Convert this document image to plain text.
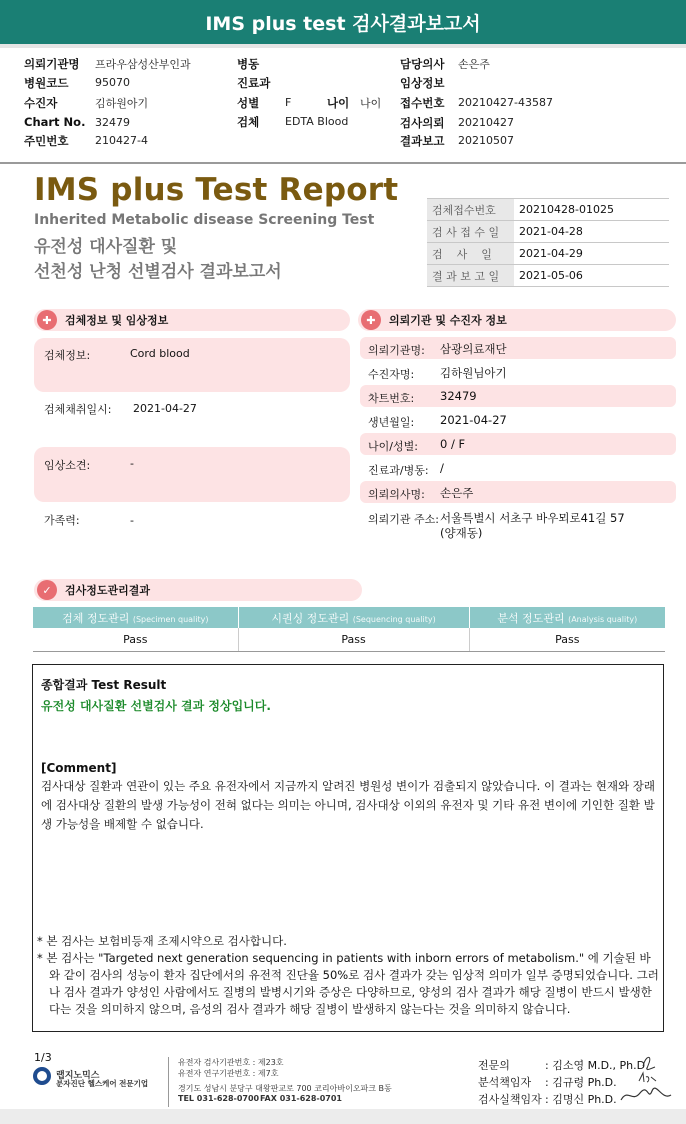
IMS plus test 검사결과보고서
의뢰기관명 프라우삼성산부인과
병원코드 95070
수진자	김하원아기
Chart No. 32479
주민번호 210427-4
병동
진료과
성별 F	나이 나이
검체 EDTA Blood
담당의사 손은주
임상정보
접수번호 20210427-43587
검사의뢰 20210427
결과보고 20210507
IMS plus Test Report
Inherited Metabolic disease Screening Test
유전성 대사질환 및
선천성 난청 선별검사 결과보고서
검체접수번호	20210428-01025
검 사 접 수 일	2021-04-28
검    사    일	2021-04-29
결 과 보 고 일	2021-05-06
✚	검체정보 및 임상정보
검체정보:	Cord blood
검체채취일시: 2021-04-27
임상소견:	-
가족력:	-
✚	의뢰기관 및 수진자 정보
의뢰기관명: 삼광의료재단
수진자명: 김하원님아기
차트번호: 32479
생년월일: 2021-04-27
나이/성별: 0 / F
진료과/병동: /
의뢰의사명: 손은주
의뢰기관 주소: 서울특별시 서초구 바우뫼로41길 57
(양재동)
✓	검사정도관리결과
검체 정도관리 (Specimen quality)	시퀀싱 정도관리 (Sequencing quality)	분석 정도관리 (Analysis quality)
Pass	Pass	Pass
종합결과 Test Result
유전성 대사질환 선별검사 결과 정상입니다.
[Comment]
검사대상 질환과 연관이 있는 주요 유전자에서 지금까지 알려진 병원성 변이가 검출되지 않았습니다. 이 결과는 현재와 장래에 검사대상 질환의 발생 가능성이 전혀 없다는 의미는 아니며, 검사대상 이외의 유전자 및 기타 유전 변이에 기인한 질환 발생 가능성을 배제할 수 없습니다.
* 본 검사는 보험비등재 조제시약으로 검사합니다.
* 본 검사는 "Targeted next generation sequencing in patients with inborn errors of metabolism." 에 기술된 바와 같이 검사의 성능이 환자 집단에서의 유전적 진단율 50%로 검사 결과가 갖는 임상적 의미가 일부 증명되었습니다. 그러나 검사 결과가 양성인 사람에서도 질병의 발병시기와 증상은 다양하므로, 양성의 검사 결과가 해당 질병이 반드시 발생한다는 것을 의미하지 않으며, 음성의 검사 결과가 해당 질병이 발생하지 않는다는 것을 의미하지 않습니다.
1/3
랩지노믹스
분자진단 헬스케어 전문기업
유전자 검사기관번호 : 제23호
유전자 연구기관번호 : 제7호
경기도 성남시 분당구 대왕판교로 700 코리아바이오파크 B동
TEL 031-628-0700 FAX 031-628-0701
전문의	: 김소영 M.D., Ph.D.
분석책임자 : 김규령 Ph.D.
검사실책임자 : 김명신 Ph.D.
